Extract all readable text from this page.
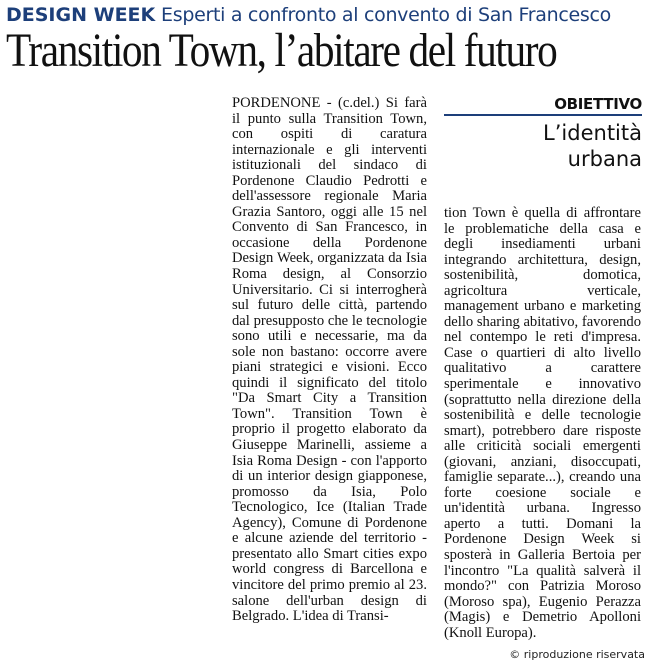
DESIGN WEEK Esperti a confronto al convento di San Francesco
Transition Town, l’abitare del futuro

PORDENONE - (c.del.) Si farà il punto sulla Transition Town, con ospiti di caratura internazionale e gli interventi istituzionali del sindaco di Pordenone Claudio Pedrotti e dell'assessore regionale Maria Grazia Santoro, oggi alle 15 nel Convento di San Francesco, in occasione della Pordenone Design Week, organizzata da Isia Roma design, al Consorzio Universitario. Ci si interrogherà sul futuro delle città, partendo dal presupposto che le tecnologie sono utili e necessarie, ma da sole non bastano: occorre avere piani strategici e visioni. Ecco quindi il significato del titolo "Da Smart City a Transition Town". Transition Town è proprio il progetto elaborato da Giuseppe Marinelli, assieme a Isia Roma Design - con l'apporto di un interior design giapponese, promosso da Isia, Polo Tecnologico, Ice (Italian Trade Agency), Comune di Pordenone e alcune aziende del territorio - presentato allo Smart cities expo world congress di Barcellona e vincitore del primo premio al 23. salone dell'urban design di Belgrado. L'idea di Transi-

OBIETTIVO
L’identità
urbana

tion Town è quella di affrontare le problematiche della casa e degli insediamenti urbani integrando architettura, design, sostenibilità, domotica, agricoltura verticale, management urbano e marketing dello sharing abitativo, favorendo nel contempo le reti d'impresa. Case o quartieri di alto livello qualitativo a carattere sperimentale e innovativo (soprattutto nella direzione della sostenibilità e delle tecnologie smart), potrebbero dare risposte alle criticità sociali emergenti (giovani, anziani, disoccupati, famiglie separate...), creando una forte coesione sociale e un'identità urbana. Ingresso aperto a tutti. Domani la Pordenone Design Week si sposterà in Galleria Bertoia per l'incontro "La qualità salverà il mondo?" con Patrizia Moroso (Moroso spa), Eugenio Perazza (Magis) e Demetrio Apolloni (Knoll Europa).

© riproduzione riservata
